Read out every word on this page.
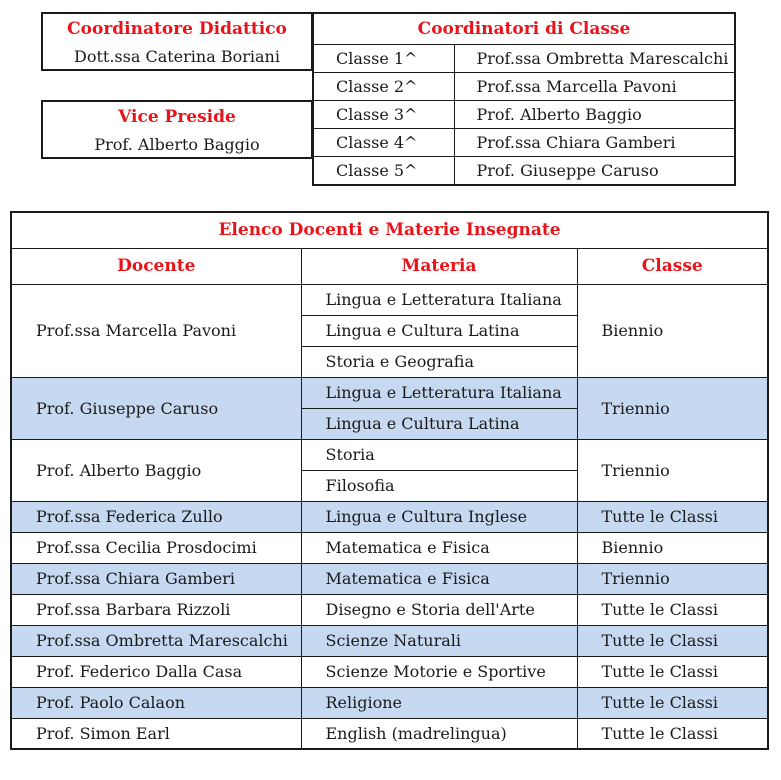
Coordinatore Didattico
Dott.ssa Caterina Boriani
Vice Preside
Prof. Alberto Baggio
Coordinatori di Classe	
Classe 1^	Prof.ssa Ombretta Marescalchi
Classe 2^	Prof.ssa Marcella Pavoni
Classe 3^	Prof. Alberto Baggio
Classe 4^	Prof.ssa Chiara Gamberi
Classe 5^	Prof. Giuseppe Caruso
Elenco Docenti e Materie Insegnate		
Docente	Materia	Classe
Prof.ssa Marcella Pavoni	Lingua e Letteratura Italiana	Biennio
	Lingua e Cultura Latina	
	Storia e Geografia	
Prof. Giuseppe Caruso	Lingua e Letteratura Italiana	Triennio
	Lingua e Cultura Latina	
Prof. Alberto Baggio	Storia	Triennio
	Filosofia	
Prof.ssa Federica Zullo	Lingua e Cultura Inglese	Tutte le Classi
Prof.ssa Cecilia Prosdocimi	Matematica e Fisica	Biennio
Prof.ssa Chiara Gamberi	Matematica e Fisica	Triennio
Prof.ssa Barbara Rizzoli	Disegno e Storia dell'Arte	Tutte le Classi
Prof.ssa Ombretta Marescalchi	Scienze Naturali	Tutte le Classi
Prof. Federico Dalla Casa	Scienze Motorie e Sportive	Tutte le Classi
Prof. Paolo Calaon	Religione	Tutte le Classi
Prof. Simon Earl	English (madrelingua)	Tutte le Classi
